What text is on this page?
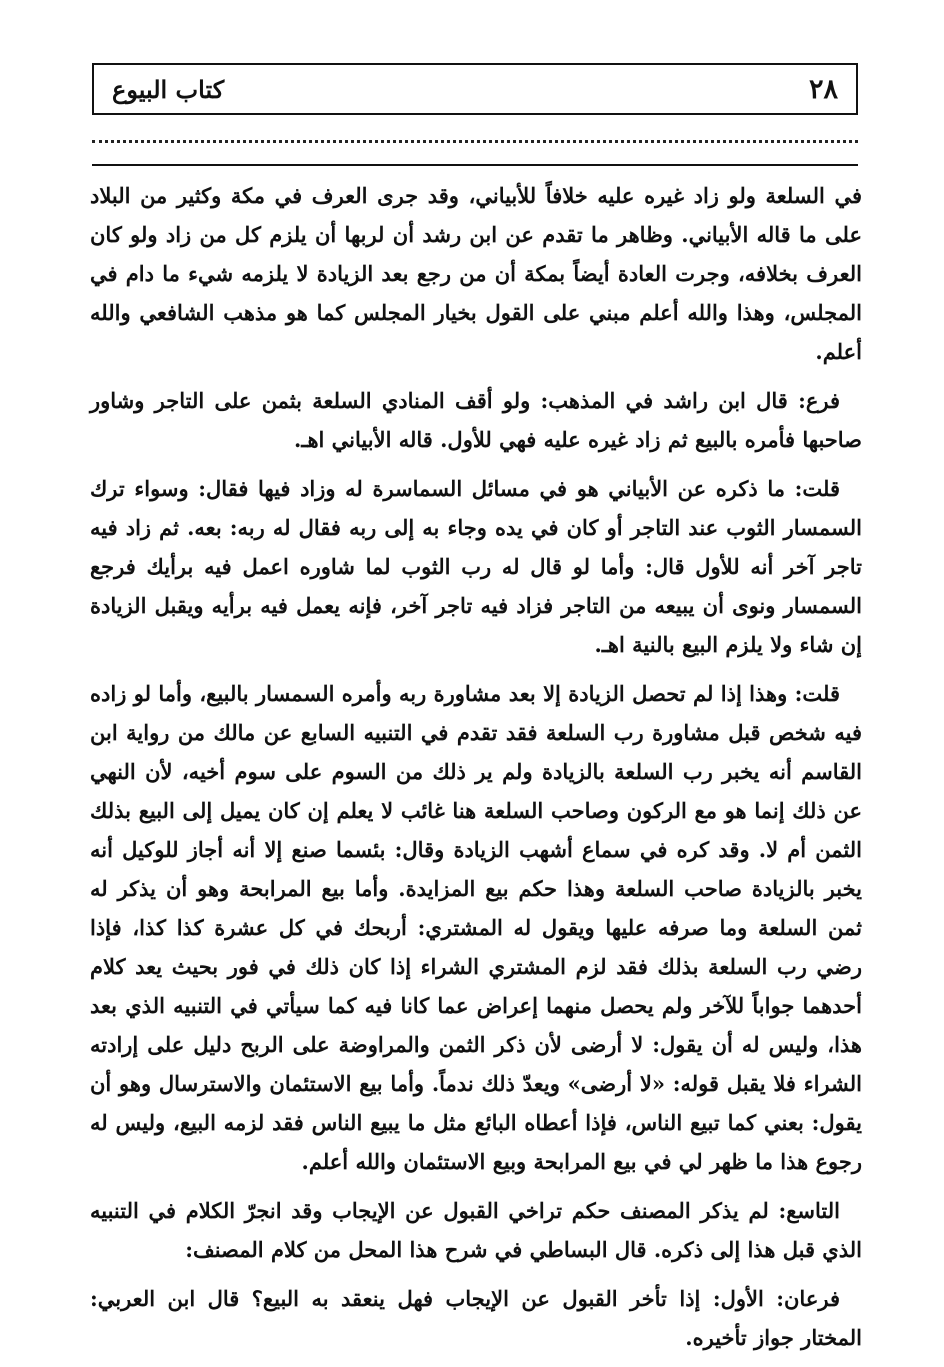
٢٨
كتاب البيوع

في السلعة ولو زاد غيره عليه خلافاً للأبياني، وقد جرى العرف في مكة وكثير من البلاد على ما قاله الأبياني. وظاهر ما تقدم عن ابن رشد أن لربها أن يلزم كل من زاد ولو كان العرف بخلافه، وجرت العادة أيضاً بمكة أن من رجع بعد الزيادة لا يلزمه شيء ما دام في المجلس، وهذا والله أعلم مبني على القول بخيار المجلس كما هو مذهب الشافعي والله أعلم.

فرع: قال ابن راشد في المذهب: ولو أقف المنادي السلعة بثمن على التاجر وشاور صاحبها فأمره بالبيع ثم زاد غيره عليه فهي للأول. قاله الأبياني اهـ.

قلت: ما ذكره عن الأبياني هو في مسائل السماسرة له وزاد فيها فقال: وسواء ترك السمسار الثوب عند التاجر أو كان في يده وجاء به إلى ربه فقال له ربه: بعه. ثم زاد فيه تاجر آخر أنه للأول قال: وأما لو قال له رب الثوب لما شاوره اعمل فيه برأيك فرجع السمسار ونوى أن يبيعه من التاجر فزاد فيه تاجر آخر، فإنه يعمل فيه برأيه ويقبل الزيادة إن شاء ولا يلزم البيع بالنية اهـ.

قلت: وهذا إذا لم تحصل الزيادة إلا بعد مشاورة ربه وأمره السمسار بالبيع، وأما لو زاده فيه شخص قبل مشاورة رب السلعة فقد تقدم في التنبيه السابع عن مالك من رواية ابن القاسم أنه يخبر رب السلعة بالزيادة ولم ير ذلك من السوم على سوم أخيه، لأن النهي عن ذلك إنما هو مع الركون وصاحب السلعة هنا غائب لا يعلم إن كان يميل إلى البيع بذلك الثمن أم لا. وقد كره في سماع أشهب الزيادة وقال: بئسما صنع إلا أنه أجاز للوكيل أنه يخبر بالزيادة صاحب السلعة وهذا حكم بيع المزايدة. وأما بيع المرابحة وهو أن يذكر له ثمن السلعة وما صرفه عليها ويقول له المشتري: أربحك في كل عشرة كذا كذا، فإذا رضي رب السلعة بذلك فقد لزم المشتري الشراء إذا كان ذلك في فور بحيث يعد كلام أحدهما جواباً للآخر ولم يحصل منهما إعراض عما كانا فيه كما سيأتي في التنبيه الذي بعد هذا، وليس له أن يقول: لا أرضى لأن ذكر الثمن والمراوضة على الربح دليل على إرادته الشراء فلا يقبل قوله: «لا أرضى» ويعدّ ذلك ندماً. وأما بيع الاستئمان والاسترسال وهو أن يقول: بعني كما تبيع الناس، فإذا أعطاه البائع مثل ما يبيع الناس فقد لزمه البيع، وليس له رجوع هذا ما ظهر لي في بيع المرابحة وبيع الاستئمان والله أعلم.

التاسع: لم يذكر المصنف حكم تراخي القبول عن الإيجاب وقد انجرّ الكلام في التنبيه الذي قبل هذا إلى ذكره. قال البساطي في شرح هذا المحل من كلام المصنف:

فرعان: الأول: إذا تأخر القبول عن الإيجاب فهل ينعقد به البيع؟ قال ابن العربي: المختار جواز تأخيره.
